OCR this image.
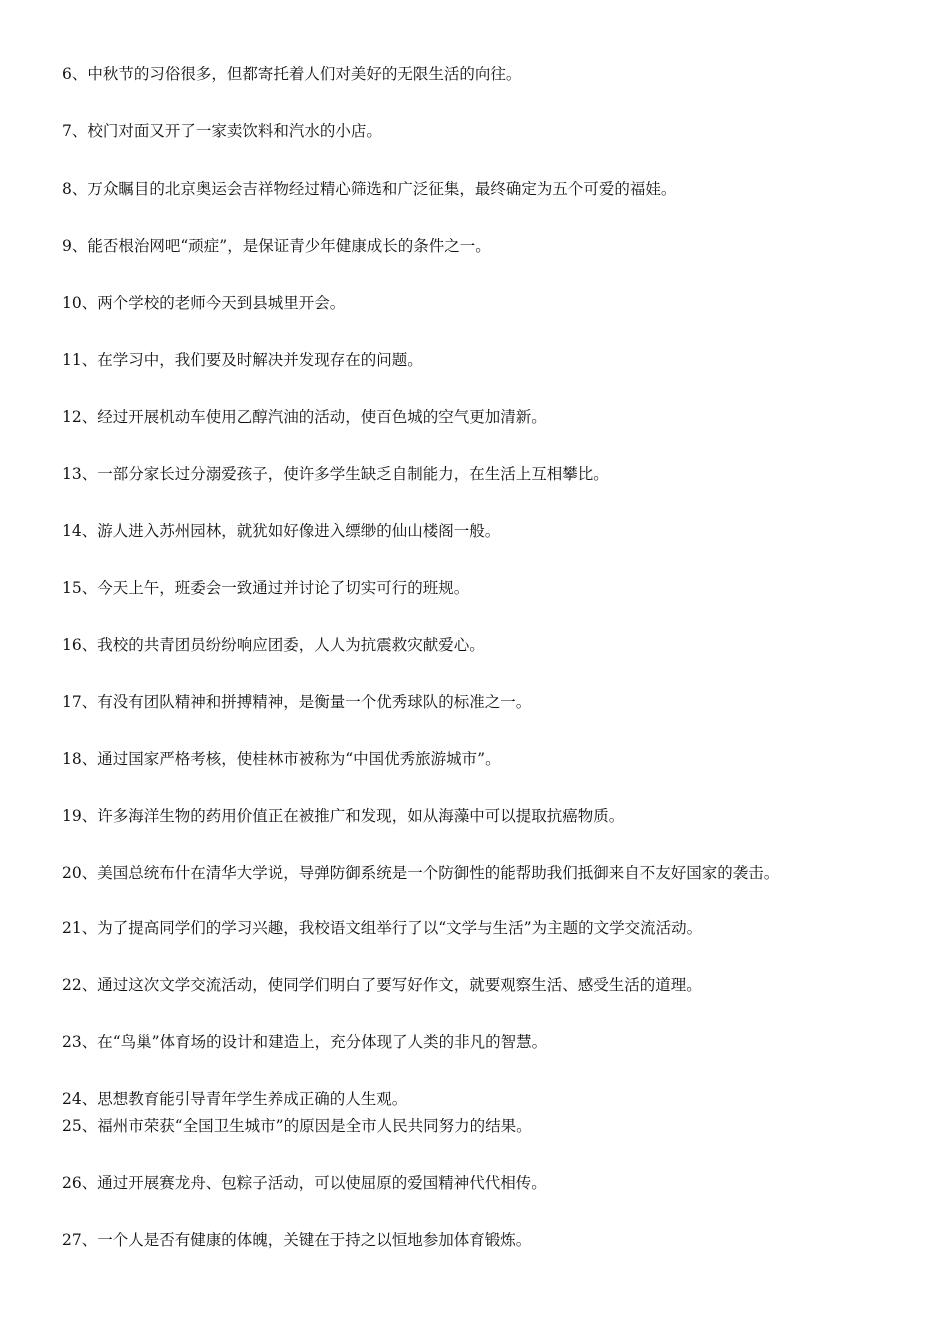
6、中秋节的习俗很多，但都寄托着人们对美好的无限生活的向往。
7、校门对面又开了一家卖饮料和汽水的小店。
8、万众瞩目的北京奥运会吉祥物经过精心筛选和广泛征集，最终确定为五个可爱的福娃。
9、能否根治网吧“顽症”，是保证青少年健康成长的条件之一。
10、两个学校的老师今天到县城里开会。
11、在学习中，我们要及时解决并发现存在的问题。
12、经过开展机动车使用乙醇汽油的活动，使百色城的空气更加清新。
13、一部分家长过分溺爱孩子，使许多学生缺乏自制能力，在生活上互相攀比。
14、游人进入苏州园林，就犹如好像进入缥缈的仙山楼阁一般。
15、今天上午，班委会一致通过并讨论了切实可行的班规。
16、我校的共青团员纷纷响应团委，人人为抗震救灾献爱心。
17、有没有团队精神和拼搏精神，是衡量一个优秀球队的标准之一。
18、通过国家严格考核，使桂林市被称为“中国优秀旅游城市”。
19、许多海洋生物的药用价值正在被推广和发现，如从海藻中可以提取抗癌物质。
20、美国总统布什在清华大学说，导弹防御系统是一个防御性的能帮助我们抵御来自不友好国家的袭击。
21、为了提高同学们的学习兴趣，我校语文组举行了以“文学与生活”为主题的文学交流活动。
22、通过这次文学交流活动，使同学们明白了要写好作文，就要观察生活、感受生活的道理。
23、在“鸟巢”体育场的设计和建造上，充分体现了人类的非凡的智慧。
24、思想教育能引导青年学生养成正确的人生观。
25、福州市荣获“全国卫生城市”的原因是全市人民共同努力的结果。
26、通过开展赛龙舟、包粽子活动，可以使屈原的爱国精神代代相传。
27、一个人是否有健康的体魄，关键在于持之以恒地参加体育锻炼。
